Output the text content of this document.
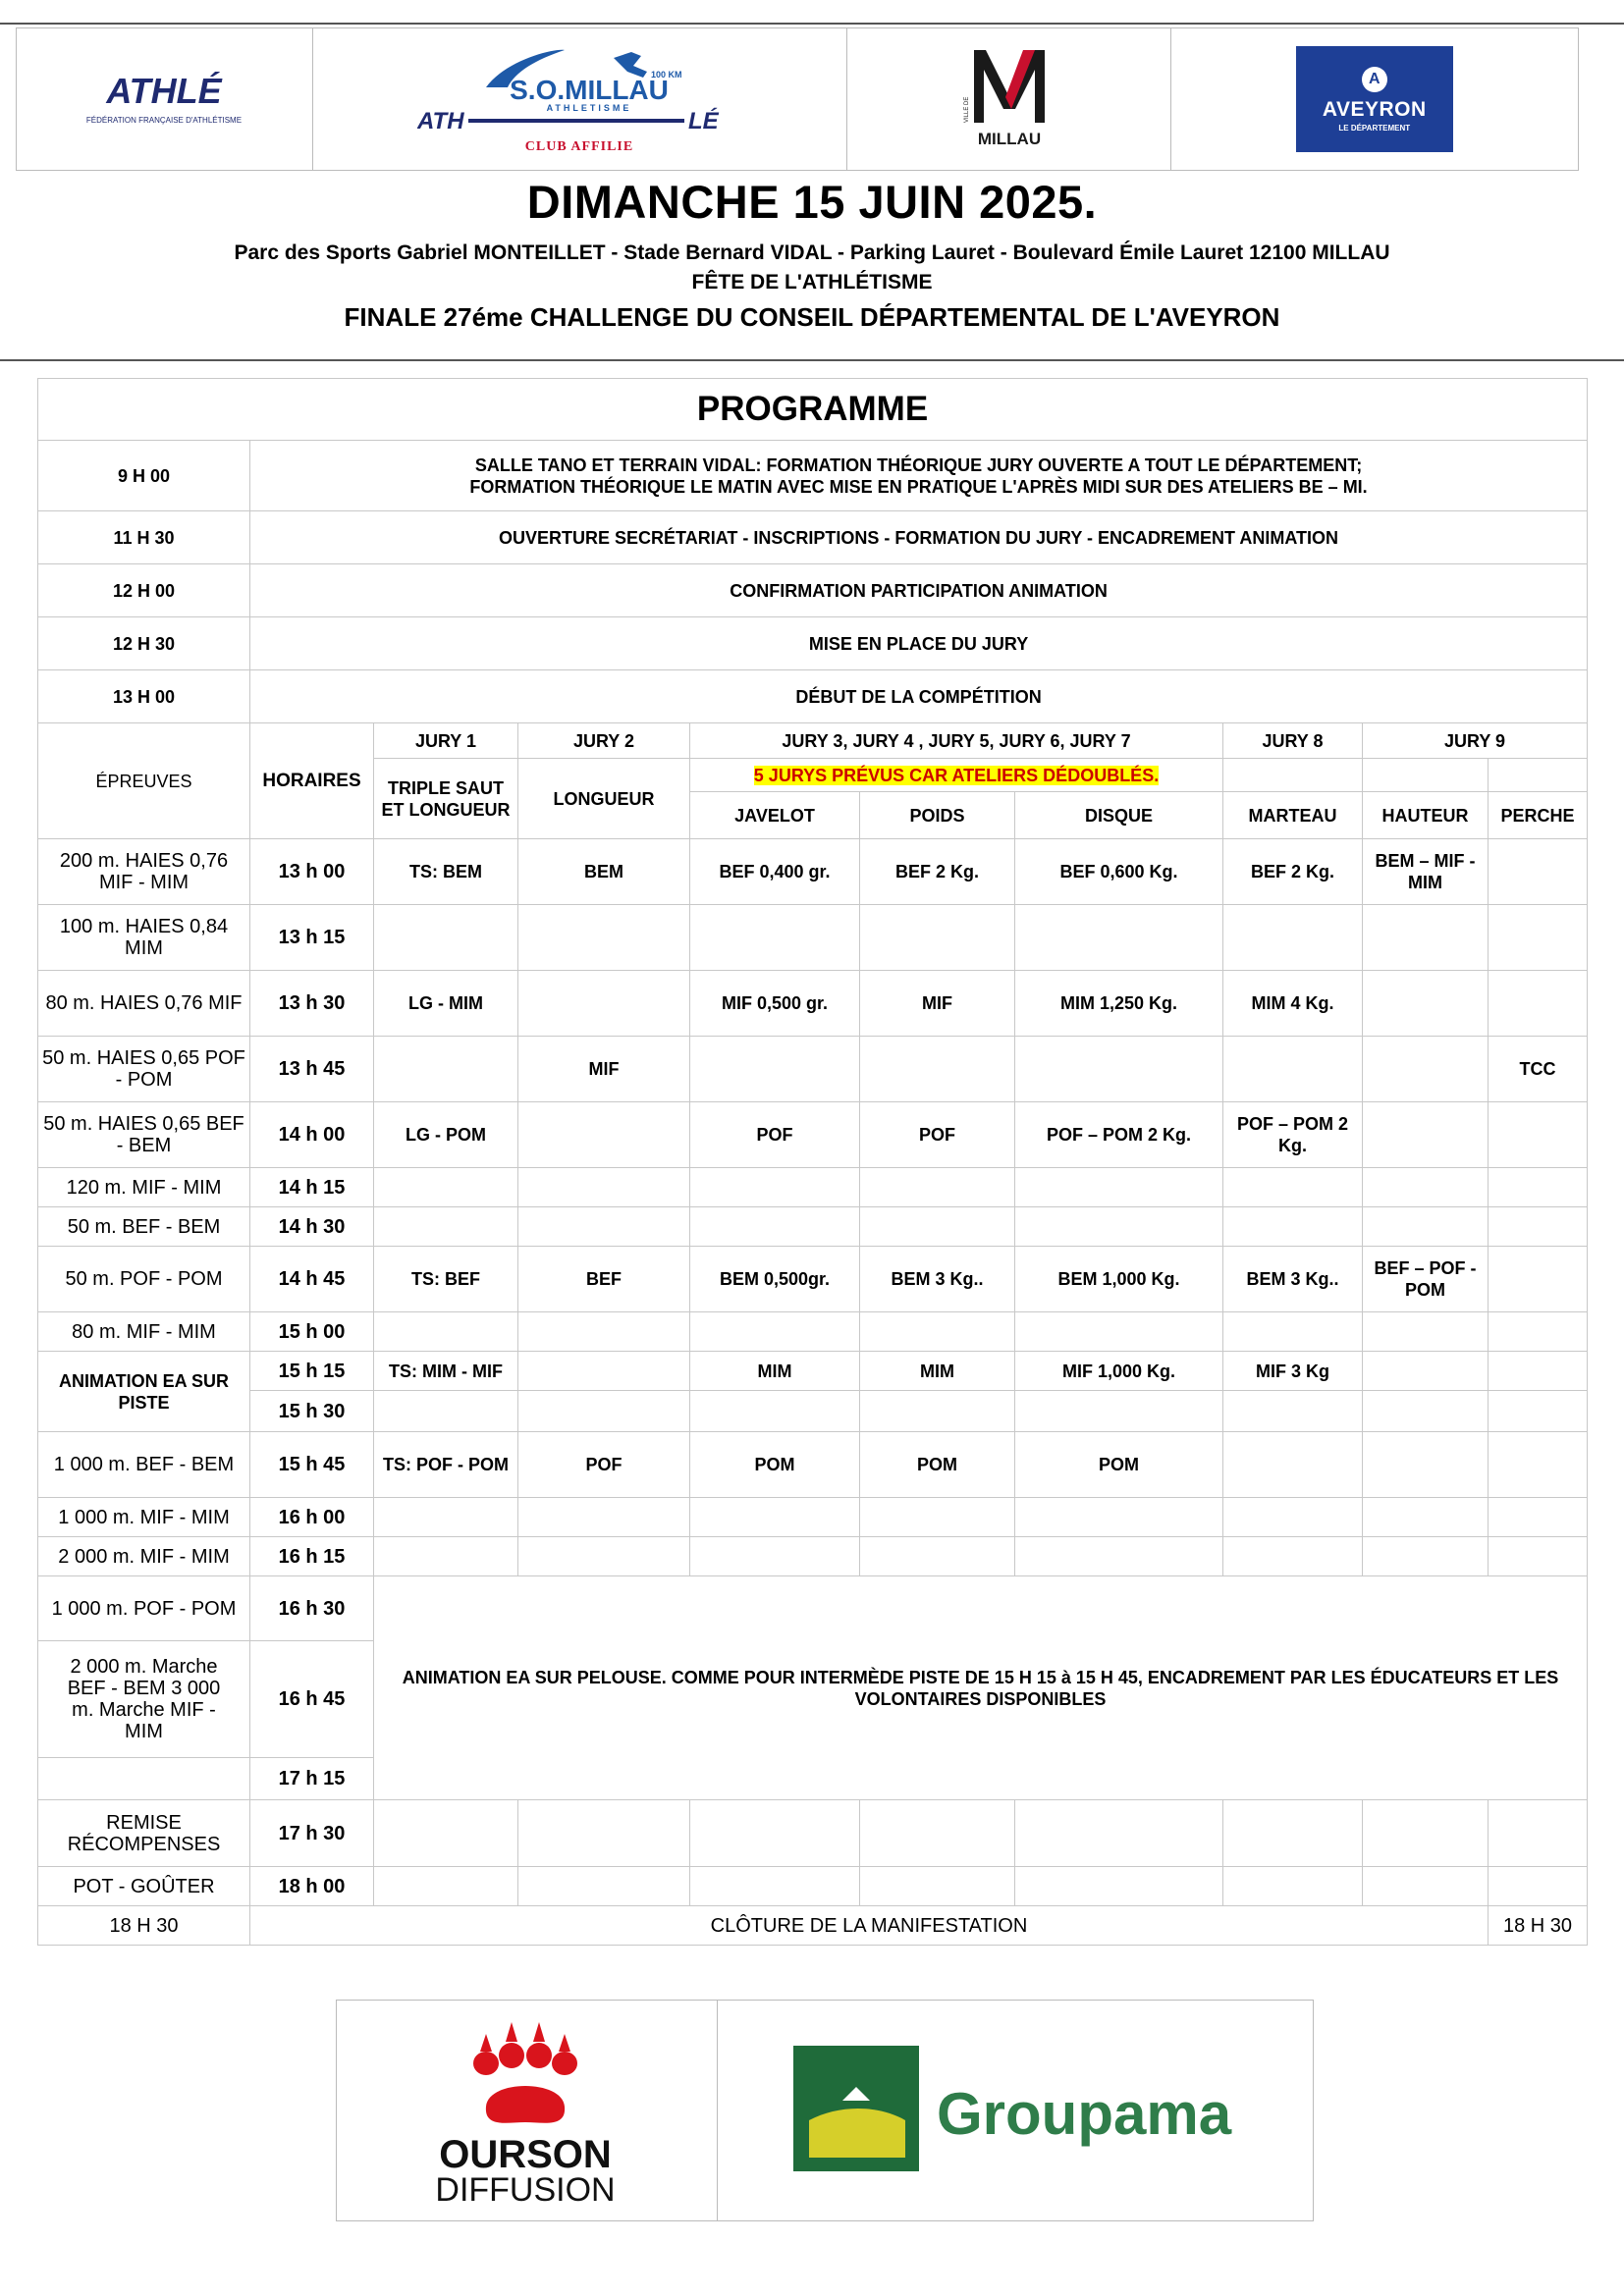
ATHLÉ
FÉDÉRATION FRANÇAISE D'ATHLÉTISME
100 KM
S.O.MILLAU
ATHLETISME
ATH	LÉ
CLUB AFFILIE
VILLE DE
MILLAU
A
AVEYRON
LE DÉPARTEMENT
DIMANCHE 15 JUIN 2025.
Parc des Sports Gabriel MONTEILLET - Stade Bernard VIDAL - Parking Lauret - Boulevard Émile Lauret 12100 MILLAU
FÊTE DE L'ATHLÉTISME
FINALE 27éme CHALLENGE DU CONSEIL DÉPARTEMENTAL DE L'AVEYRON
PROGRAMME									
9 H 00	SALLE TANO ET TERRAIN VIDAL: FORMATION THÉORIQUE JURY OUVERTE A TOUT LE DÉPARTEMENT;
FORMATION THÉORIQUE LE MATIN AVEC MISE EN PRATIQUE L'APRÈS MIDI SUR DES ATELIERS BE – MI.								

11 H 30	OUVERTURE SECRÉTARIAT - INSCRIPTIONS - FORMATION DU JURY - ENCADREMENT ANIMATION								
12 H 00	CONFIRMATION PARTICIPATION ANIMATION								
12 H 30	MISE EN PLACE DU JURY								
13 H 00	DÉBUT DE LA COMPÉTITION								
ÉPREUVES	HORAIRES	JURY 1	JURY 2	JURY 3, JURY 4 , JURY 5, JURY 6, JURY 7			JURY 8	JURY 9	
		TRIPLE SAUT ET LONGUEUR	LONGUEUR	5 JURYS PRÉVUS CAR ATELIERS DÉDOUBLÉS.					
				JAVELOT	POIDS	DISQUE	MARTEAU	HAUTEUR	PERCHE
200 m. HAIES 0,76 MIF - MIM	13 h 00	TS: BEM	BEM	BEF 0,400 gr.	BEF 2 Kg.	BEF 0,600 Kg.	BEF 2 Kg.	BEM – MIF - MIM	
100 m. HAIES 0,84 MIM	13 h 15								
80 m. HAIES 0,76 MIF	13 h 30	LG - MIM		MIF 0,500 gr.	MIF	MIM 1,250 Kg.	MIM 4 Kg.		
50 m. HAIES 0,65 POF - POM	13 h 45		MIF						TCC
50 m. HAIES 0,65 BEF - BEM	14 h 00	LG - POM		POF	POF	POF – POM 2 Kg.	POF – POM 2 Kg.		
120 m. MIF - MIM	14 h 15								
50 m. BEF - BEM	14 h 30								
50 m. POF - POM	14 h 45	TS: BEF	BEF	BEM 0,500gr.	BEM 3 Kg..	BEM 1,000 Kg.	BEM 3 Kg..	BEF – POF - POM	
80 m. MIF - MIM	15 h 00								
ANIMATION EA SUR PISTE	15 h 15	TS: MIM - MIF		MIM	MIM	MIF 1,000 Kg.	MIF 3 Kg		
	15 h 30								
1 000 m. BEF - BEM	15 h 45	TS: POF - POM	POF	POM	POM	POM			
1 000 m. MIF - MIM	16 h 00								
2 000 m. MIF - MIM	16 h 15								
1 000 m. POF - POM	16 h 30	ANIMATION EA SUR PELOUSE. COMME POUR INTERMÈDE PISTE DE 15 H 15 à 15 H 45, ENCADREMENT PAR LES ÉDUCATEURS ET LES VOLONTAIRES DISPONIBLES							
2 000 m. Marche BEF - BEM 3 000 m. Marche MIF - MIM	16 h 45								
	17 h 15								
REMISE RÉCOMPENSES	17 h 30								
POT - GOÛTER	18 h 00								
18 H 30	CLÔTURE DE LA MANIFESTATION								18 H 30
OURSON
DIFFUSION
Groupama
